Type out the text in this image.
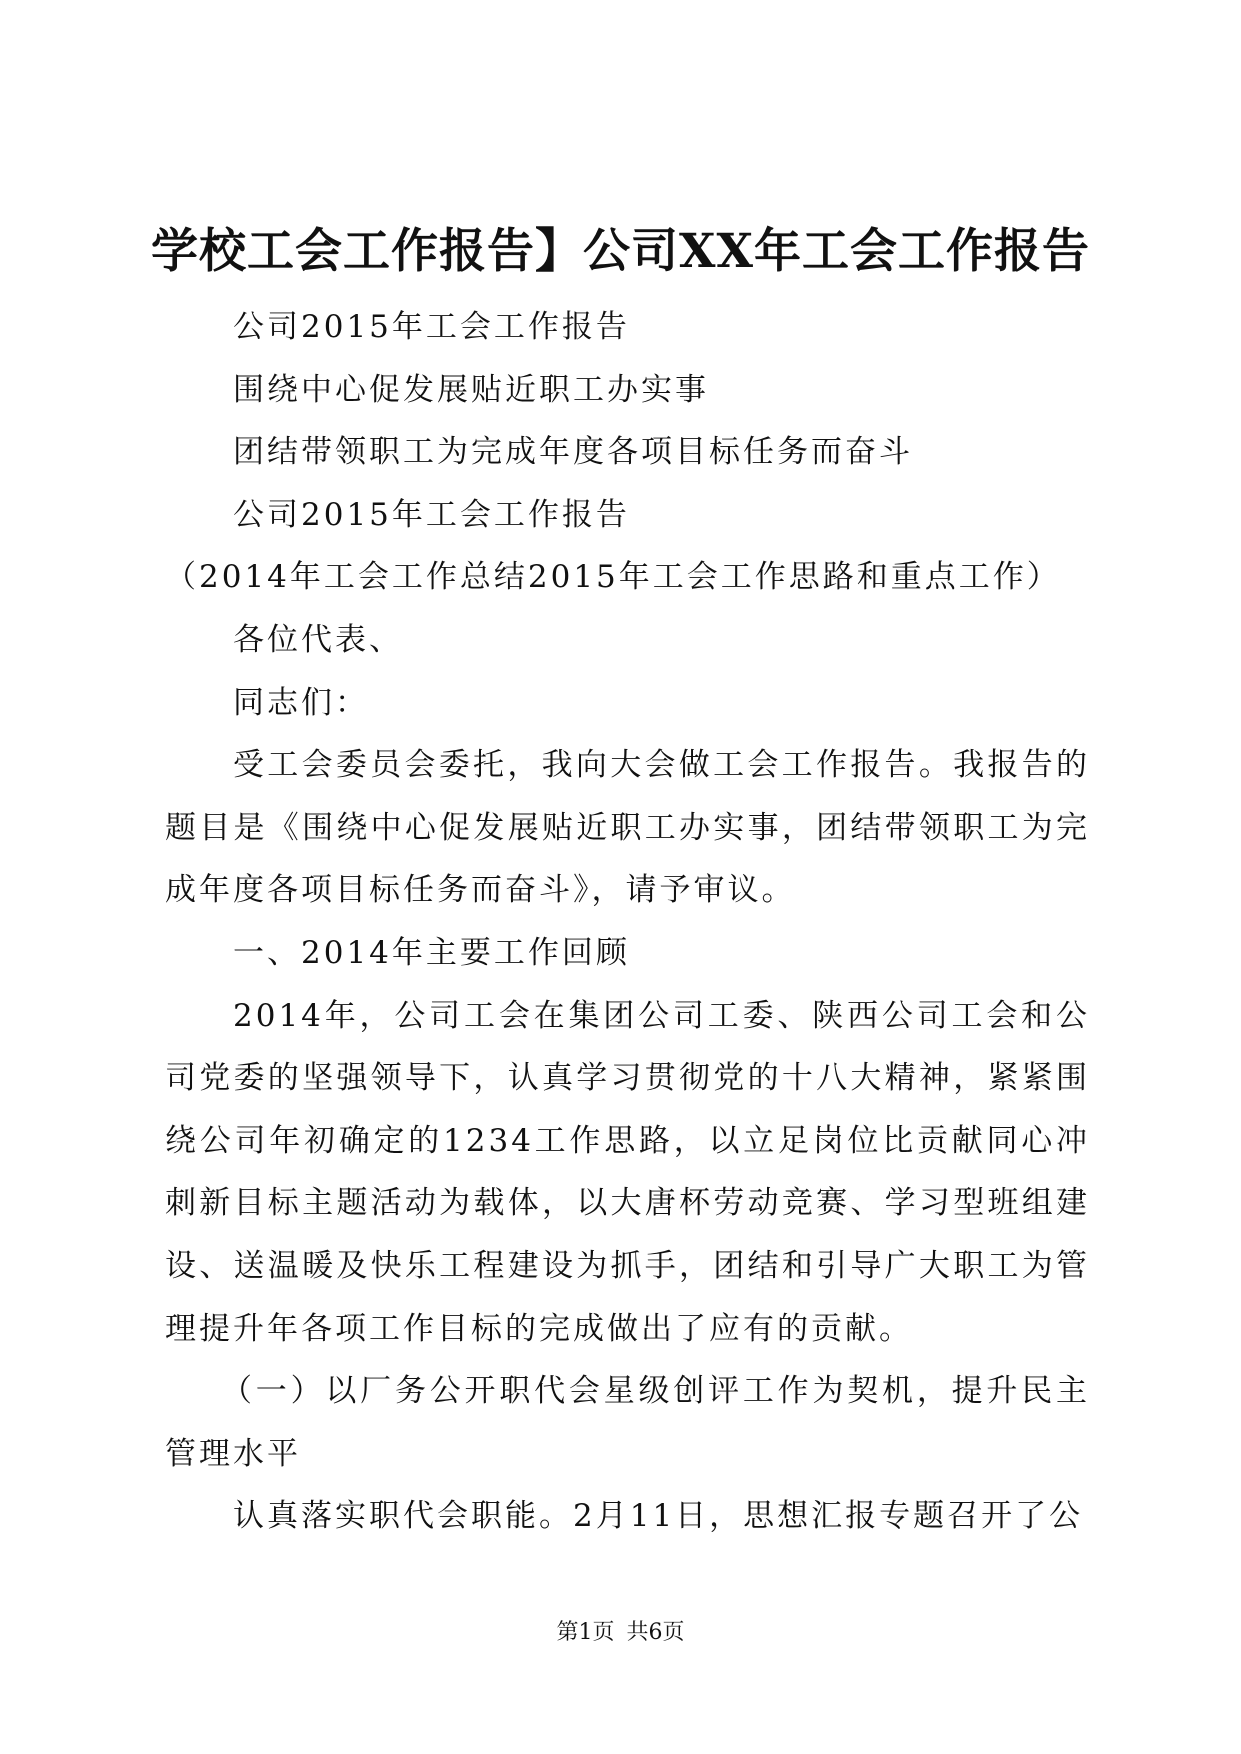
学校工会工作报告】公司XX年工会工作报告

公司2015年工会工作报告

围绕中心促发展贴近职工办实事

团结带领职工为完成年度各项目标任务而奋斗

公司2015年工会工作报告

（2014年工会工作总结2015年工会工作思路和重点工作）

各位代表、

同志们：

受工会委员会委托，我向大会做工会工作报告。我报告的题目是《围绕中心促发展贴近职工办实事，团结带领职工为完成年度各项目标任务而奋斗》，请予审议。

一、2014年主要工作回顾

2014年，公司工会在集团公司工委、陕西公司工会和公司党委的坚强领导下，认真学习贯彻党的十八大精神，紧紧围绕公司年初确定的1234工作思路，以立足岗位比贡献同心冲刺新目标主题活动为载体，以大唐杯劳动竞赛、学习型班组建设、送温暖及快乐工程建设为抓手，团结和引导广大职工为管理提升年各项工作目标的完成做出了应有的贡献。

（一）以厂务公开职代会星级创评工作为契机，提升民主管理水平

认真落实职代会职能。2月11日，思想汇报专题召开了公

第1页 共6页
